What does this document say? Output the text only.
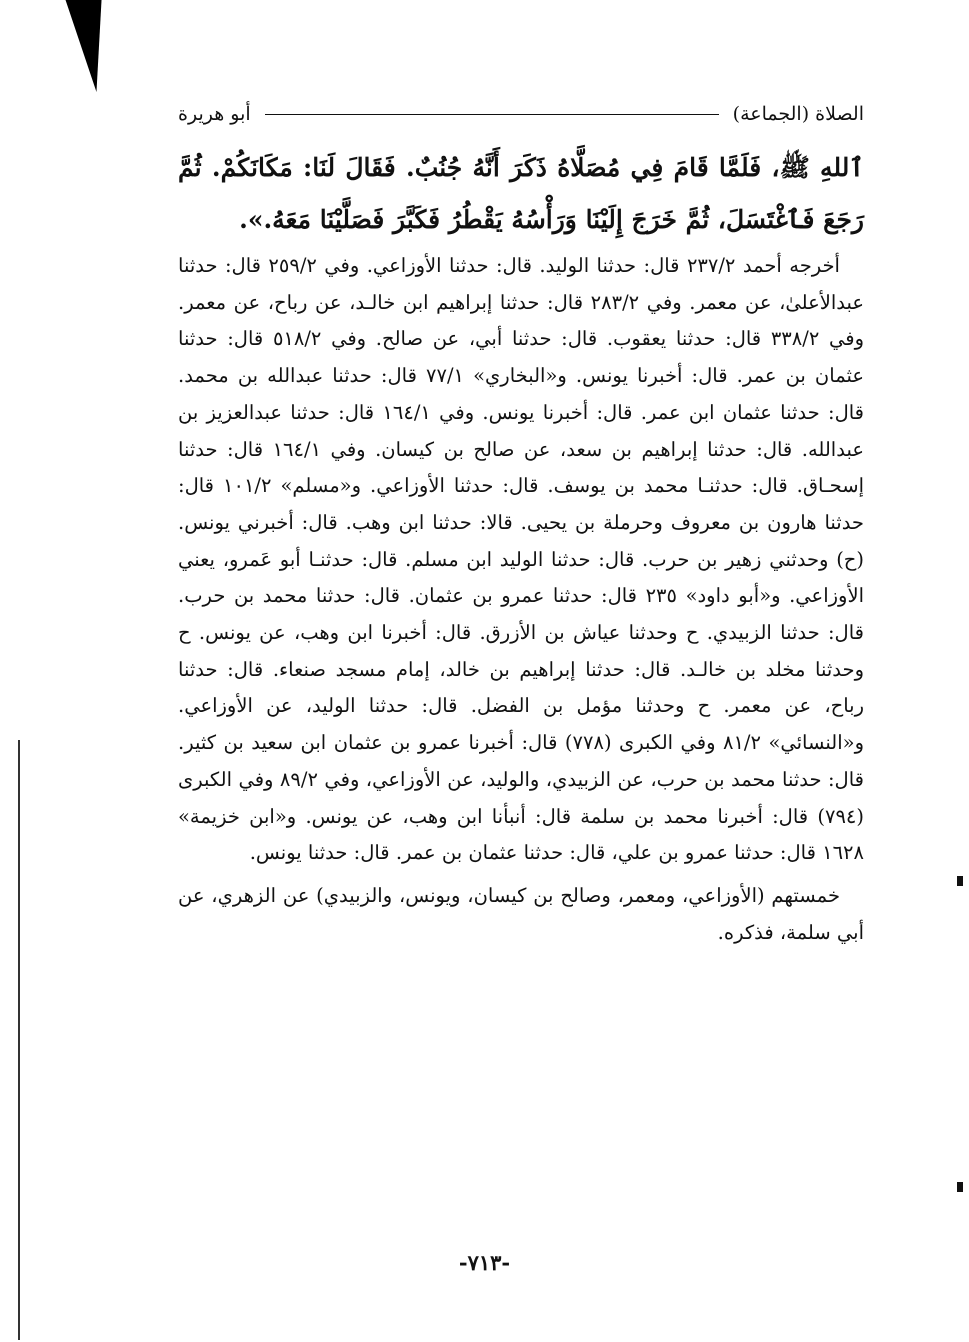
الصلاة (الجماعة)
أبو هريرة

ٱللهِ ﷺ، فَلَمَّا قَامَ فِي مُصَلَّاهُ ذَكَرَ أَنَّهُ جُنُبٌ. فَقَالَ لَنَا: مَكَانَكُمْ. ثُمَّ رَجَعَ فَٱغْتَسَلَ، ثُمَّ خَرَجَ إِلَيْنَا وَرَأْسُهُ يَقْطُرُ فَكَبَّرَ فَصَلَّيْنَا مَعَهُ.».

أخرجه أحمد ٢٣٧/٢ قال: حدثنا الوليد. قال: حدثنا الأوزاعي. وفي ٢٥٩/٢ قال: حدثنا عبدالأعلىٰ، عن معمر. وفي ٢٨٣/٢ قال: حدثنا إبراهيم ابن خالـد، عن رباح، عن معمر. وفي ٣٣٨/٢ قال: حدثنا يعقوب. قال: حدثنا أبي، عن صالح. وفي ٥١٨/٢ قال: حدثنا عثمان بن عمر. قال: أخبرنا يونس. و«البخاري» ٧٧/١ قال: حدثنا عبدالله بن محمد. قال: حدثنا عثمان ابن عمر. قال: أخبرنا يونس. وفي ١٦٤/١ قال: حدثنا عبدالعزيز بن عبدالله. قال: حدثنا إبراهيم بن سعد، عن صالح بن كيسان. وفي ١٦٤/١ قال: حدثنا إسحـاق. قال: حدثنـا محمد بن يوسف. قال: حدثنا الأوزاعي. و«مسلم» ١٠١/٢ قال: حدثنا هارون بن معروف وحرملة بن يحيى. قالا: حدثنا ابن وهب. قال: أخبرني يونس. (ح) وحدثني زهير بن حرب. قال: حدثنا الوليد ابن مسلم. قال: حدثنـا أبو عَمرو، يعني الأوزاعي. و«أبو داود» ٢٣٥ قال: حدثنا عمرو بن عثمان. قال: حدثنا محمد بن حرب. قال: حدثنا الزبيدي. ح وحدثنا عياش بن الأزرق. قال: أخبرنا ابن وهب، عن يونس. ح وحدثنا مخلد بن خالـد. قال: حدثنا إبراهيم بن خالد، إمام مسجد صنعاء. قال: حدثنا رباح، عن معمر. ح وحدثنا مؤمل بن الفضل. قال: حدثنا الوليد، عن الأوزاعي. و«النسائي» ٨١/٢ وفي الكبرى (٧٧٨) قال: أخبرنا عمرو بن عثمان ابن سعيد بن كثير. قال: حدثنا محمد بن حرب، عن الزبيدي، والوليد، عن الأوزاعي، وفي ٨٩/٢ وفي الكبرى (٧٩٤) قال: أخبرنا محمد بن سلمة قال: أنبأنا ابن وهب، عن يونس. و«ابن خزيمة» ١٦٢٨ قال: حدثنا عمرو بن علي، قال: حدثنا عثمان بن عمر. قال: حدثنا يونس.

خمستهم (الأوزاعي، ومعمر، وصالح بن كيسان، ويونس، والزبيدي) عن الزهري، عن أبي سلمة، فذكره.

-٧١٣-
